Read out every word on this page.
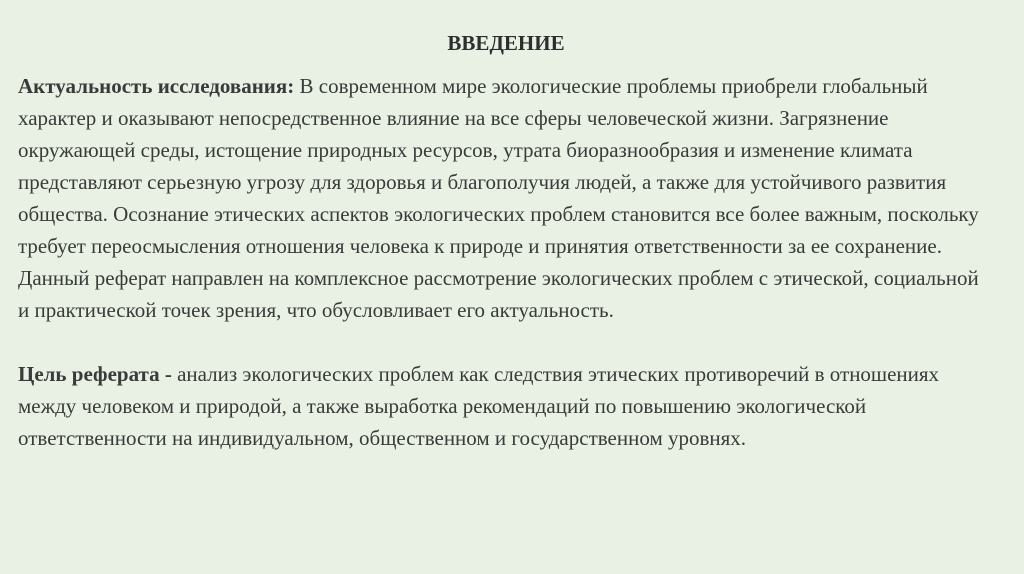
ВВЕДЕНИЕ

Актуальность исследования: В современном мире экологические проблемы приобрели глобальный характер и оказывают непосредственное влияние на все сферы человеческой жизни. Загрязнение окружающей среды, истощение природных ресурсов, утрата биоразнообразия и изменение климата представляют серьезную угрозу для здоровья и благополучия людей, а также для устойчивого развития общества. Осознание этических аспектов экологических проблем становится все более важным, поскольку требует переосмысления отношения человека к природе и принятия ответственности за ее сохранение. Данный реферат направлен на комплексное рассмотрение экологических проблем с этической, социальной и практической точек зрения, что обусловливает его актуальность.

Цель реферата - анализ экологических проблем как следствия этических противоречий в отношениях между человеком и природой, а также выработка рекомендаций по повышению экологической ответственности на индивидуальном, общественном и государственном уровнях.
